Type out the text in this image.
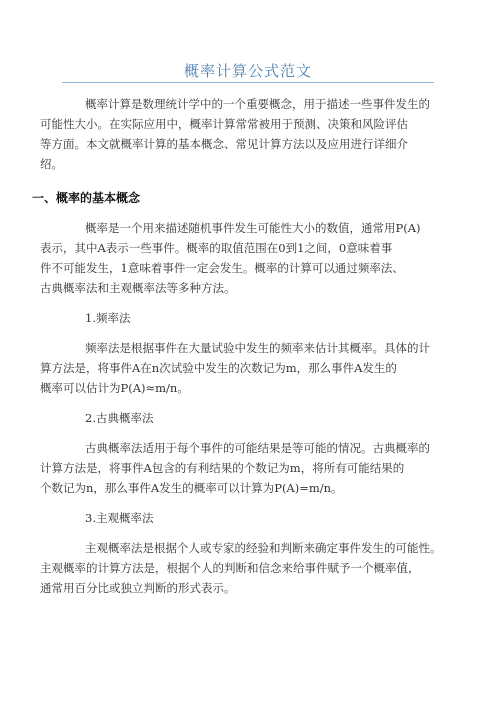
概率计算公式范文

概率计算是数理统计学中的一个重要概念，用于描述一些事件发生的
可能性大小。在实际应用中，概率计算常常被用于预测、决策和风险评估
等方面。本文就概率计算的基本概念、常见计算方法以及应用进行详细介
绍。

一、概率的基本概念

概率是一个用来描述随机事件发生可能性大小的数值，通常用P(A)
表示，其中A表示一些事件。概率的取值范围在0到1之间，0意味着事
件不可能发生，1意味着事件一定会发生。概率的计算可以通过频率法、
古典概率法和主观概率法等多种方法。

1.频率法

频率法是根据事件在大量试验中发生的频率来估计其概率。具体的计
算方法是，将事件A在n次试验中发生的次数记为m，那么事件A发生的
概率可以估计为P(A)≈m/n。

2.古典概率法

古典概率法适用于每个事件的可能结果是等可能的情况。古典概率的
计算方法是，将事件A包含的有利结果的个数记为m，将所有可能结果的
个数记为n，那么事件A发生的概率可以计算为P(A)=m/n。

3.主观概率法

主观概率法是根据个人或专家的经验和判断来确定事件发生的可能性。
主观概率的计算方法是，根据个人的判断和信念来给事件赋予一个概率值，
通常用百分比或独立判断的形式表示。
